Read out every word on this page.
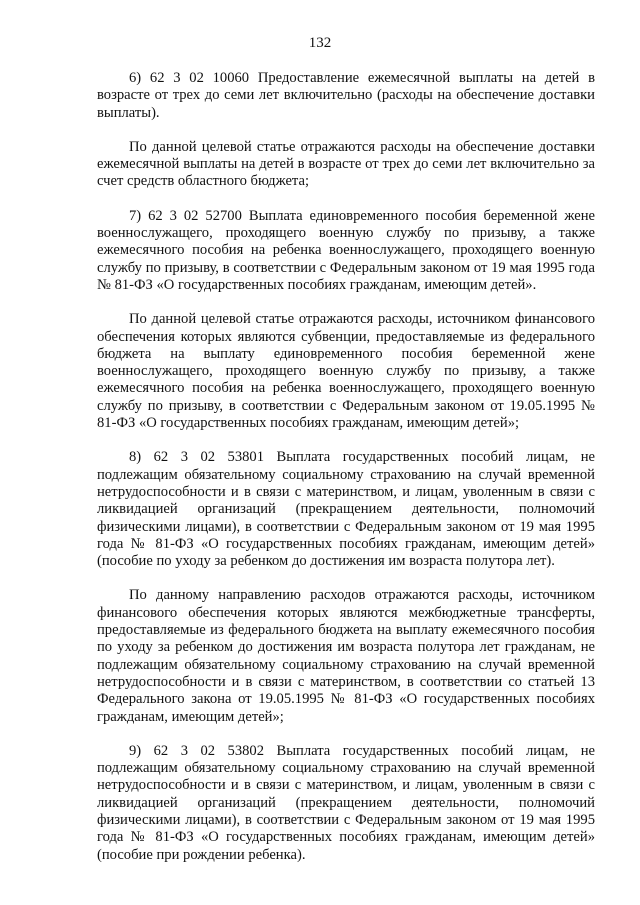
132

6) 62 3 02 10060 Предоставление ежемесячной выплаты на детей в возрасте от трех до семи лет включительно (расходы на обеспечение доставки выплаты).

По данной целевой статье отражаются расходы на обеспечение доставки ежемесячной выплаты на детей в возрасте от трех до семи лет включительно за счет средств областного бюджета;

7) 62 3 02 52700 Выплата единовременного пособия беременной жене военнослужащего, проходящего военную службу по призыву, а также ежемесячного пособия на ребенка военнослужащего, проходящего военную службу по призыву, в соответствии с Федеральным законом от 19 мая 1995 года № 81-ФЗ «О государственных пособиях гражданам, имеющим детей».

По данной целевой статье отражаются расходы, источником финансового обеспечения которых являются субвенции, предоставляемые из федерального бюджета на выплату единовременного пособия беременной жене военнослужащего, проходящего военную службу по призыву, а также ежемесячного пособия на ребенка военнослужащего, проходящего военную службу по призыву, в соответствии с Федеральным законом от 19.05.1995 № 81-ФЗ «О государственных пособиях гражданам, имеющим детей»;

8) 62 3 02 53801 Выплата государственных пособий лицам, не подлежащим обязательному социальному страхованию на случай временной нетрудоспособности и в связи с материнством, и лицам, уволенным в связи с ликвидацией организаций (прекращением деятельности, полномочий физическими лицами), в соответствии с Федеральным законом от 19 мая 1995 года № 81-ФЗ «О государственных пособиях гражданам, имеющим детей» (пособие по уходу за ребенком до достижения им возраста полутора лет).

По данному направлению расходов отражаются расходы, источником финансового обеспечения которых являются межбюджетные трансферты, предоставляемые из федерального бюджета на выплату ежемесячного пособия по уходу за ребенком до достижения им возраста полутора лет гражданам, не подлежащим обязательному социальному страхованию на случай временной нетрудоспособности и в связи с материнством, в соответствии со статьей 13 Федерального закона от 19.05.1995 № 81-ФЗ «О государственных пособиях гражданам, имеющим детей»;

9) 62 3 02 53802 Выплата государственных пособий лицам, не подлежащим обязательному социальному страхованию на случай временной нетрудоспособности и в связи с материнством, и лицам, уволенным в связи с ликвидацией организаций (прекращением деятельности, полномочий физическими лицами), в соответствии с Федеральным законом от 19 мая 1995 года № 81-ФЗ «О государственных пособиях гражданам, имеющим детей» (пособие при рождении ребенка).
